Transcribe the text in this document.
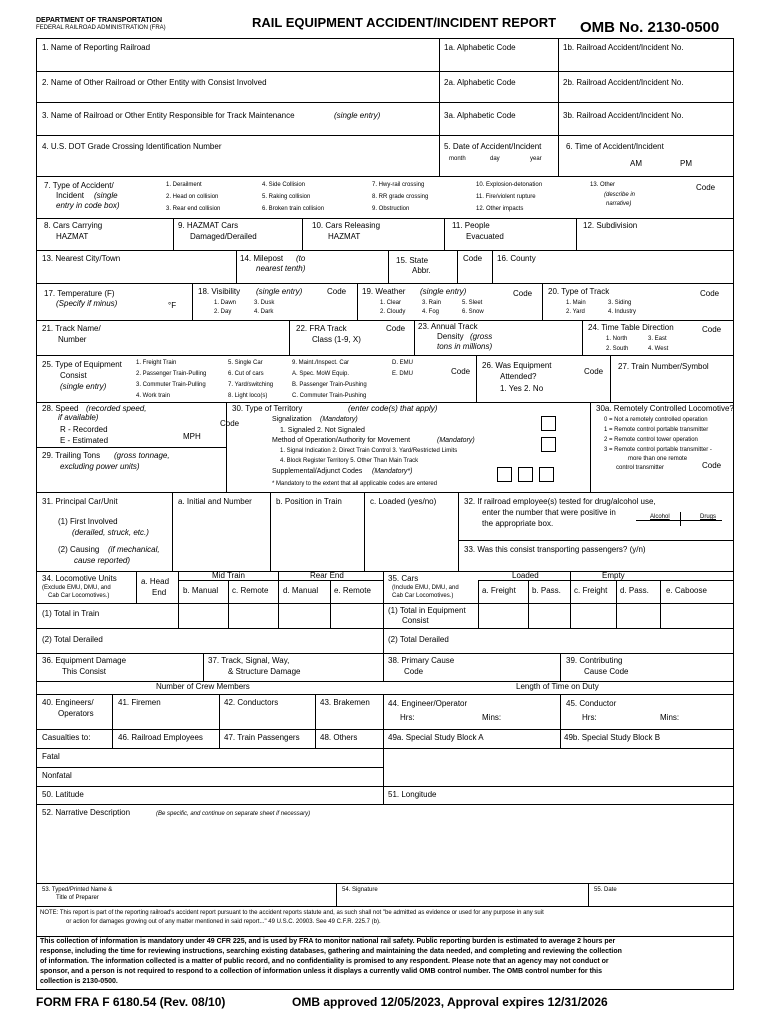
DEPARTMENT OF TRANSPORTATION
FEDERAL RAILROAD ADMINISTRATION (FRA)	RAIL EQUIPMENT ACCIDENT/INCIDENT REPORT OMB No. 2130-0500
1. Name of Reporting Railroad	1a. Alphabetic Code	1b. Railroad Accident/Incident No.
2. Name of Other Railroad or Other Entity with Consist Involved	2a. Alphabetic Code	2b. Railroad Accident/Incident No.
3. Name of Railroad or Other Entity Responsible for Track Maintenance	(single entry)	3a. Alphabetic Code	3b. Railroad Accident/Incident No.
4. U.S. DOT Grade Crossing Identification Number	5. Date of Accident/Incident
month	day	year
6. Time of Accident/Incident
AM	PM
7. Type of Accident/
Incident (single
entry in code box)
1. Derailment
2. Head on collision
3. Rear end collision
4. Side Collision
5. Raking collision
6. Broken train collision
7. Hwy-rail crossing
8. RR grade crossing
9. Obstruction
10. Explosion-detonation
11. Fire/violent rupture
12. Other impacts
13. Other
(describe in
narrative)
Code
8. Cars Carrying
HAZMAT
9. HAZMAT Cars
Damaged/Derailed
10. Cars Releasing
HAZMAT
11. People
Evacuated
12. Subdivision
13. Nearest City/Town	14. Milepost (to
nearest tenth)
15. State
Abbr.
Code 16. County
17. Temperature (F)
(Specify if minus)	°F
18. Visibility (single entry)	Code
1. Dawn
2. Day
3. Dusk
4. Dark
19. Weather (single entry)	Code
1. Clear
2. Cloudy
3. Rain
4. Fog
5. Sleet
6. Snow
20. Type of Track	Code
1. Main
2. Yard
3. Siding
4. Industry
21. Track Name/
Number
22. FRA Track
Class (1-9, X)
Code 23. Annual Track
Density (gross
tons in millions)
24. Time Table Direction	Code
1. North
2. South
3. East
4. West
25. Type of Equipment
Consist
(single entry)
1. Freight Train
2. Passenger Train-Pulling
3. Commuter Train-Pulling
4. Work train
5. Single Car
6. Cut of cars
7. Yard/switching
8. Light loco(s)
9. Maint./Inspect. Car
A. Spec. MoW Equip.
B. Passenger Train-Pushing
C. Commuter Train-Pushing
D. EMU
E. DMU	Code
26. Was Equipment
Attended?
1. Yes 2. No
Code
27. Train Number/Symbol
28. Speed (recorded speed,
if available)
R - Recorded
E - Estimated
Code
MPH
29. Trailing Tons (gross tonnage,
excluding power units)
30. Type of Territory	(enter code(s) that apply)
Signalization (Mandatory)
1. Signaled 2. Not Signaled
Method of Operation/Authority for Movement	(Mandatory)
1. Signal Indication 2. Direct Train Control 3. Yard/Restricted Limits
4. Block Register Territory 5. Other Than Main Track
Supplemental/Adjunct Codes (Mandatory*)
* Mandatory to the extent that all applicable codes are entered
30a. Remotely Controlled Locomotive?
0 = Not a remotely controlled operation
1 = Remote control portable transmitter
2 = Remote control tower operation
3 = Remote control portable transmitter -
more than one remote
control transmitter	Code
31. Principal Car/Unit	a. Initial and Number	b. Position in Train	c. Loaded (yes/no)
(1) First Involved
(derailed, struck, etc.)
(2) Causing (if mechanical,
cause reported)
32. If railroad employee(s) tested for drug/alcohol use,
enter the number that were positive in
the appropriate box.
Alcohol	Drugs
33. Was this consist transporting passengers? (y/n)
34. Locomotive Units
(Exclude EMU, DMU, and
Cab Car Locomotives.)
a. Head
End
Mid Train	Rear End
b. Manual c. Remote d. Manual e. Remote
(1) Total in Train
(2) Total Derailed
35. Cars
(Include EMU, DMU, and
Cab Car Locomotives.)
Loaded	Empty
a. Freight b. Pass. c. Freight d. Pass. e. Caboose
(1) Total in Equipment
Consist
(2) Total Derailed
36. Equipment Damage
This Consist
37. Track, Signal, Way,
& Structure Damage
38. Primary Cause
Code
39. Contributing
Cause Code
Number of Crew Members	Length of Time on Duty
40. Engineers/
Operators
41. Firemen	42. Conductors	43. Brakemen 44. Engineer/Operator
Hrs:	Mins:
45. Conductor
Hrs:	Mins:
Casualties to:	46. Railroad Employees	47. Train Passengers	48. Others	49a. Special Study Block A	49b. Special Study Block B
Fatal
Nonfatal
50. Latitude	51. Longitude
52. Narrative Description	(Be specific, and continue on separate sheet if necessary)
53. Typed/Printed Name &
Title of Preparer
54. Signature	55. Date
NOTE: This report is part of the reporting railroad's accident report pursuant to the accident reports statute and, as such shall not "be admitted as evidence or used for any purpose in any suit
or action for damages growing out of any matter mentioned in said report..." 49 U.S.C. 20903. See 49 C.F.R. 225.7 (b).
This collection of information is mandatory under 49 CFR 225, and is used by FRA to monitor national rail safety. Public reporting burden is estimated to average 2 hours per
response, including the time for reviewing instructions, searching existing databases, gathering and maintaining the data needed, and completing and reviewing the collection
of information. The information collected is a matter of public record, and no confidentiality is promised to any respondent. Please note that an agency may not conduct or
sponsor, and a person is not required to respond to a collection of information unless it displays a currently valid OMB control number. The OMB control number for this
collection is 2130-0500.
FORM FRA F 6180.54 (Rev. 08/10)	OMB approved 12/05/2023, Approval expires 12/31/2026
